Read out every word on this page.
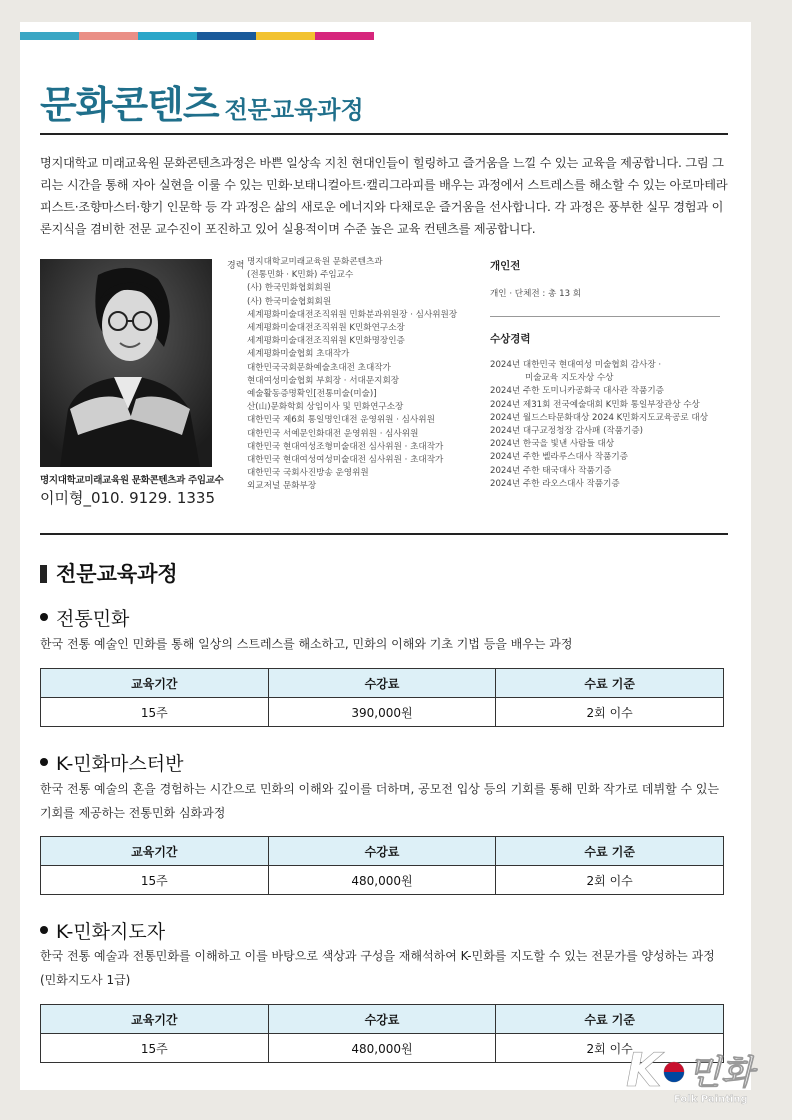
문화콘텐츠 전문교육과정

명지대학교 미래교육원 문화콘텐츠과정은 바쁜 일상속 지친 현대인들이 힐링하고 즐거움을 느낄 수 있는 교육을 제공합니다. 그림 그리는 시간을 통해 자아 실현을 이룰 수 있는 민화·보태니컬아트·캘리그라피를 배우는 과정에서 스트레스를 해소할 수 있는 아로마테라피스트·조향마스터·향기 인문학 등 각 과정은 삶의 새로운 에너지와 다채로운 즐거움을 선사합니다. 각 과정은 풍부한 실무 경험과 이론지식을 겸비한 전문 교수진이 포진하고 있어 실용적이며 수준 높은 교육 컨텐츠를 제공합니다.

명지대학교미래교육원 문화콘텐츠과 주임교수
이미형_010. 9129. 1335
경력 명지대학교미래교육원 문화콘텐츠과
(전통민화 · K민화) 주임교수
(사) 한국민화협회회원
(사) 한국미술협회회원
세계평화미술대전조직위원 민화분과위원장 · 심사위원장
세계평화미술대전조직위원 K민화연구소장
세계평화미술대전조직위원 K민화명장인증
세계평화미술협회 초대작가
대한민국국회문화예술초대전 초대작가
현대여성미술협회 부회장 · 서대문지회장
예술활동증명확인[전통미술(미술)]
산(山)문화학회 상임이사 및 민화연구소장
대한민국 제6회 통일명인대전 운영위원 · 심사위원
대한민국 서예문인화대전 운영위원 · 심사위원
대한민국 현대여성조형미술대전 심사위원 · 초대작가
대한민국 현대여성여성미술대전 심사위원 · 초대작가
대한민국 국회사진방송 운영위원
외교저널 문화부장
개인전
개인 · 단체전 : 총 13 회
수상경력
2024년 대한민국 현대여성 미술협회 감사장 ·
미술교육 지도자상 수상
2024년 주한 도미니카공화국 대사관 작품기증
2024년 제31회 전국예술대회 K민화 통일부장관상 수상
2024년 월드스타문화대상 2024 K민화지도교육공로 대상
2024년 대구교정청장 감사패 (작품기증)
2024년 한국을 빛낸 사람들 대상
2024년 주한 벨라루스대사 작품기증
2024년 주한 태국대사 작품기증
2024년 주한 라오스대사 작품기증
전문교육과정
전통민화

한국 전통 예술인 민화를 통해 일상의 스트레스를 해소하고, 민화의 이해와 기초 기법 등을 배우는 과정

교육기간	수강료	수료 기준
15주	390,000원	2회 이수
K-민화마스터반

한국 전통 예술의 혼을 경험하는 시간으로 민화의 이해와 깊이를 더하며, 공모전 입상 등의 기회를 통해 민화 작가로 데뷔할 수 있는 기회를 제공하는 전통민화 심화과정

교육기간	수강료	수료 기준
15주	480,000원	2회 이수
K-민화지도자

한국 전통 예술과 전통민화를 이해하고 이를 바탕으로 색상과 구성을 재해석하여 K-민화를 지도할 수 있는 전문가를 양성하는 과정(민화지도사 1급)

교육기간	수강료	수료 기준
15주	480,000원	2회 이수
K 민화
Folk Painting
